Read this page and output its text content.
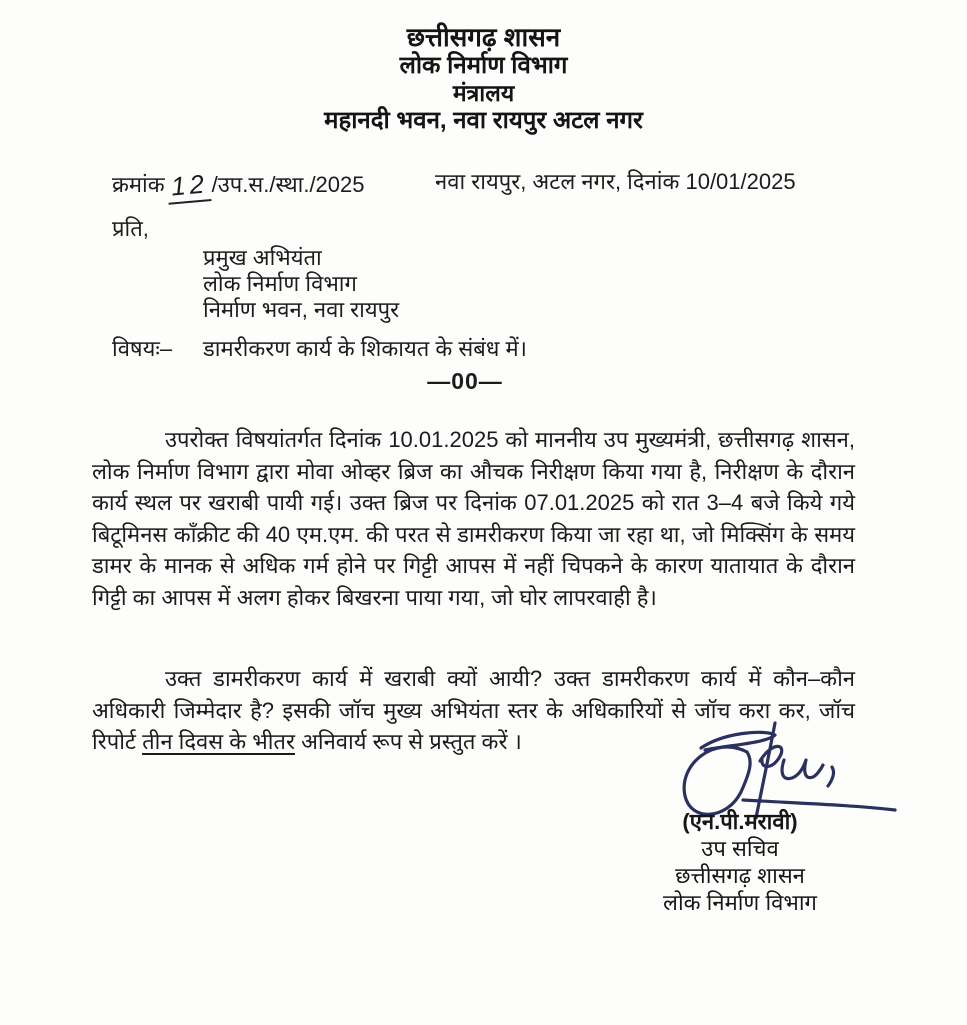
छत्तीसगढ़ शासन
लोक निर्माण विभाग
मंत्रालय
महानदी भवन, नवा रायपुर अटल नगर
क्रमांक 12 /उप.स./स्था./2025	नवा रायपुर, अटल नगर, दिनांक 10/01/2025
प्रति,
प्रमुख अभियंता
लोक निर्माण विभाग
निर्माण भवन, नवा रायपुर
विषयः– डामरीकरण कार्य के शिकायत के संबंध में।
—00—
उपरोक्त विषयांतर्गत दिनांक 10.01.2025 को माननीय उप मुख्यमंत्री, छत्तीसगढ़ शासन, लोक निर्माण विभाग द्वारा मोवा ओव्हर ब्रिज का औचक निरीक्षण किया गया है, निरीक्षण के दौरान कार्य स्थल पर खराबी पायी गई। उक्त ब्रिज पर दिनांक 07.01.2025 को रात 3–4 बजे किये गये बिटूमिनस कॉंक्रीट की 40 एम.एम. की परत से डामरीकरण किया जा रहा था, जो मिक्सिंग के समय डामर के मानक से अधिक गर्म होने पर गिट्टी आपस में नहीं चिपकने के कारण यातायात के दौरान गिट्टी का आपस में अलग होकर बिखरना पाया गया, जो घोर लापरवाही है।
उक्त डामरीकरण कार्य में खराबी क्यों आयी? उक्त डामरीकरण कार्य में कौन–कौन अधिकारी जिम्मेदार है? इसकी जॉच मुख्य अभियंता स्तर के अधिकारियों से जॉच करा कर, जॉच रिपोर्ट तीन दिवस के भीतर अनिवार्य रूप से प्रस्तुत करें ।
(एन.पी.मरावी)
उप सचिव
छत्तीसगढ़ शासन
लोक निर्माण विभाग
